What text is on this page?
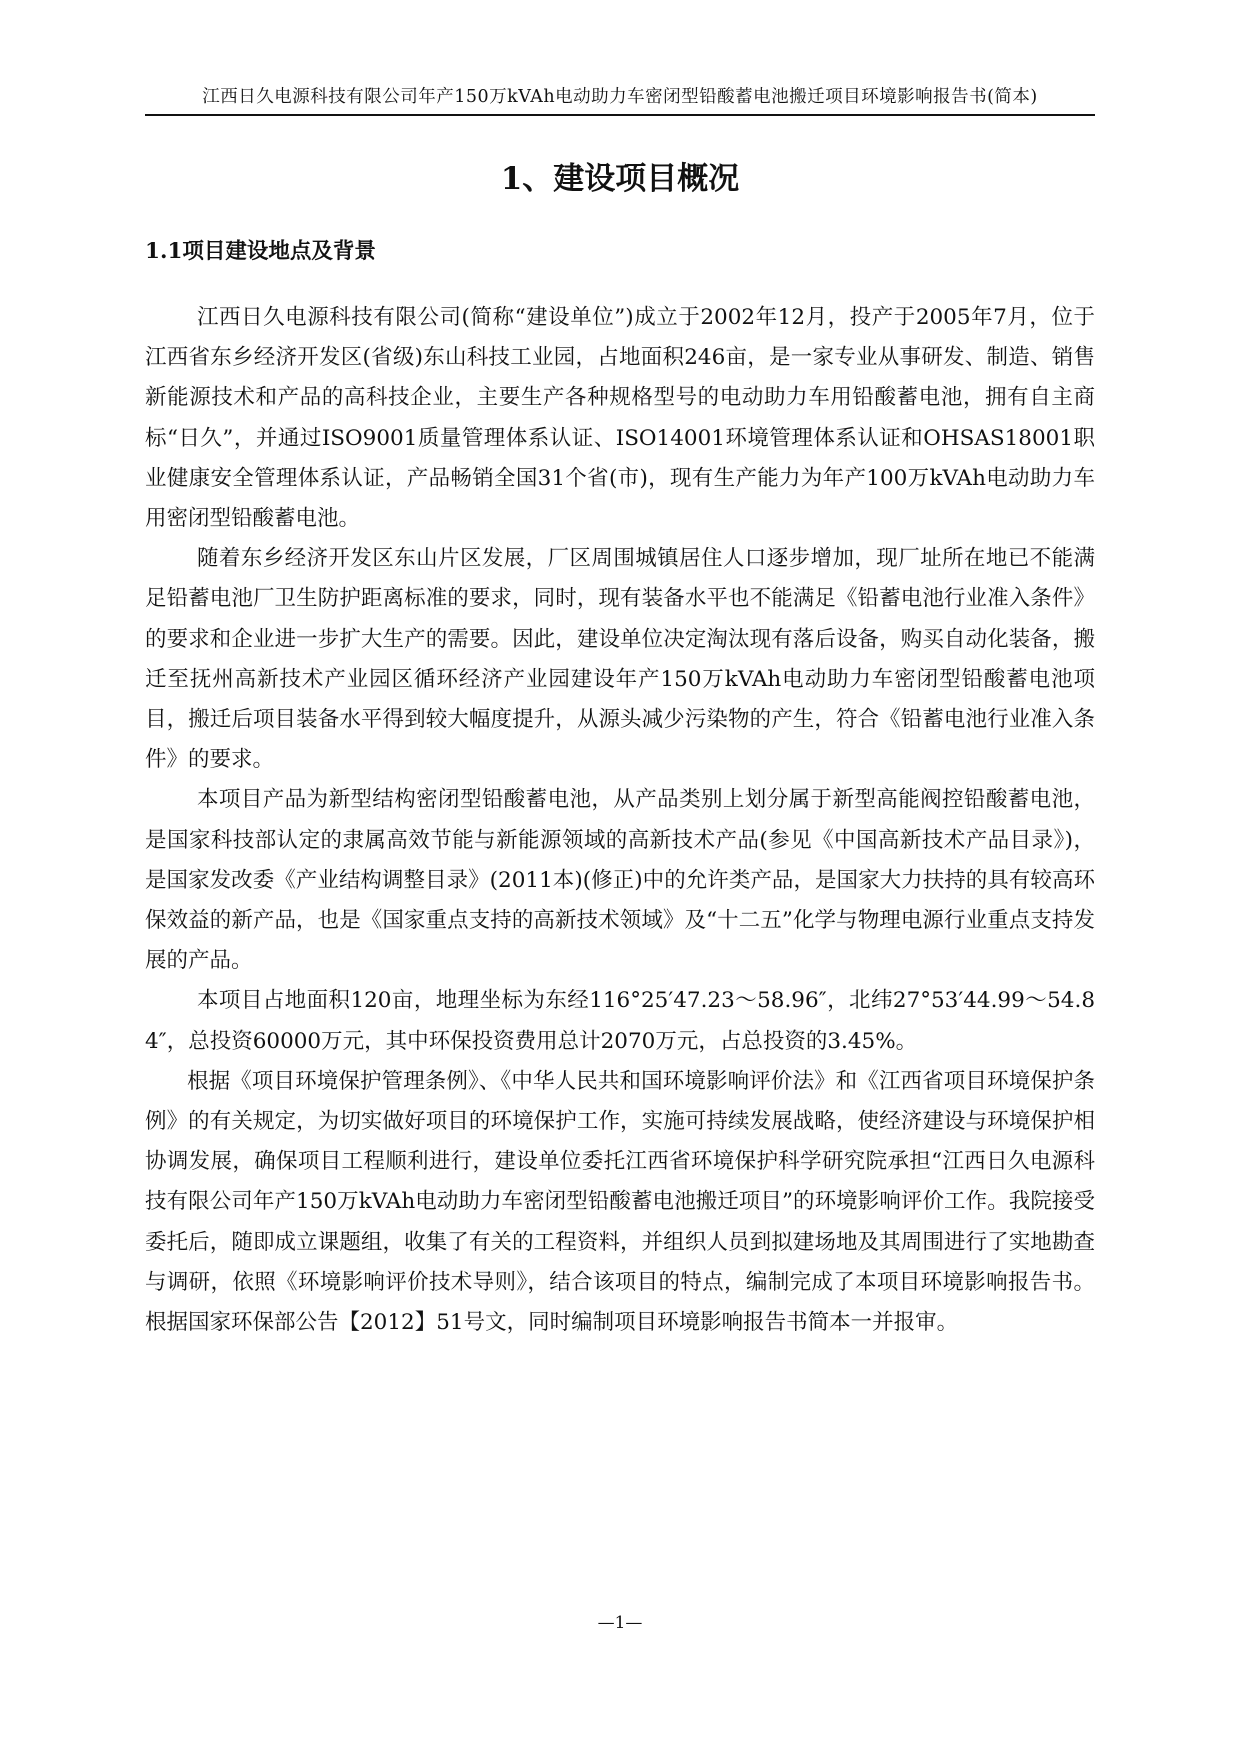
江西日久电源科技有限公司年产150万kVAh电动助力车密闭型铅酸蓄电池搬迁项目环境影响报告书(简本)
1、建设项目概况
1.1项目建设地点及背景

江西日久电源科技有限公司(简称“建设单位”)成立于2002年12月，投产于2005年7月，位于江西省东乡经济开发区(省级)东山科技工业园，占地面积246亩，是一家专业从事研发、制造、销售新能源技术和产品的高科技企业，主要生产各种规格型号的电动助力车用铅酸蓄电池，拥有自主商标“日久”，并通过ISO9001质量管理体系认证、ISO14001环境管理体系认证和OHSAS18001职业健康安全管理体系认证，产品畅销全国31个省(市)，现有生产能力为年产100万kVAh电动助力车用密闭型铅酸蓄电池。

随着东乡经济开发区东山片区发展，厂区周围城镇居住人口逐步增加，现厂址所在地已不能满足铅蓄电池厂卫生防护距离标准的要求，同时，现有装备水平也不能满足《铅蓄电池行业准入条件》的要求和企业进一步扩大生产的需要。因此，建设单位决定淘汰现有落后设备，购买自动化装备，搬迁至抚州高新技术产业园区循环经济产业园建设年产150万kVAh电动助力车密闭型铅酸蓄电池项目，搬迁后项目装备水平得到较大幅度提升，从源头减少污染物的产生，符合《铅蓄电池行业准入条件》的要求。

本项目产品为新型结构密闭型铅酸蓄电池，从产品类别上划分属于新型高能阀控铅酸蓄电池，是国家科技部认定的隶属高效节能与新能源领域的高新技术产品(参见《中国高新技术产品目录》)，是国家发改委《产业结构调整目录》(2011本)(修正)中的允许类产品，是国家大力扶持的具有较高环保效益的新产品，也是《国家重点支持的高新技术领域》及“十二五”化学与物理电源行业重点支持发展的产品。

本项目占地面积120亩，地理坐标为东经116°25′47.23～58.96″，北纬27°53′44.99～54.84″，总投资60000万元，其中环保投资费用总计2070万元，占总投资的3.45%。

根据《项目环境保护管理条例》、《中华人民共和国环境影响评价法》和《江西省项目环境保护条例》的有关规定，为切实做好项目的环境保护工作，实施可持续发展战略，使经济建设与环境保护相协调发展，确保项目工程顺利进行，建设单位委托江西省环境保护科学研究院承担“江西日久电源科技有限公司年产150万kVAh电动助力车密闭型铅酸蓄电池搬迁项目”的环境影响评价工作。我院接受委托后，随即成立课题组，收集了有关的工程资料，并组织人员到拟建场地及其周围进行了实地勘查与调研，依照《环境影响评价技术导则》，结合该项目的特点，编制完成了本项目环境影响报告书。根据国家环保部公告【2012】51号文，同时编制项目环境影响报告书简本一并报审。

—1—
